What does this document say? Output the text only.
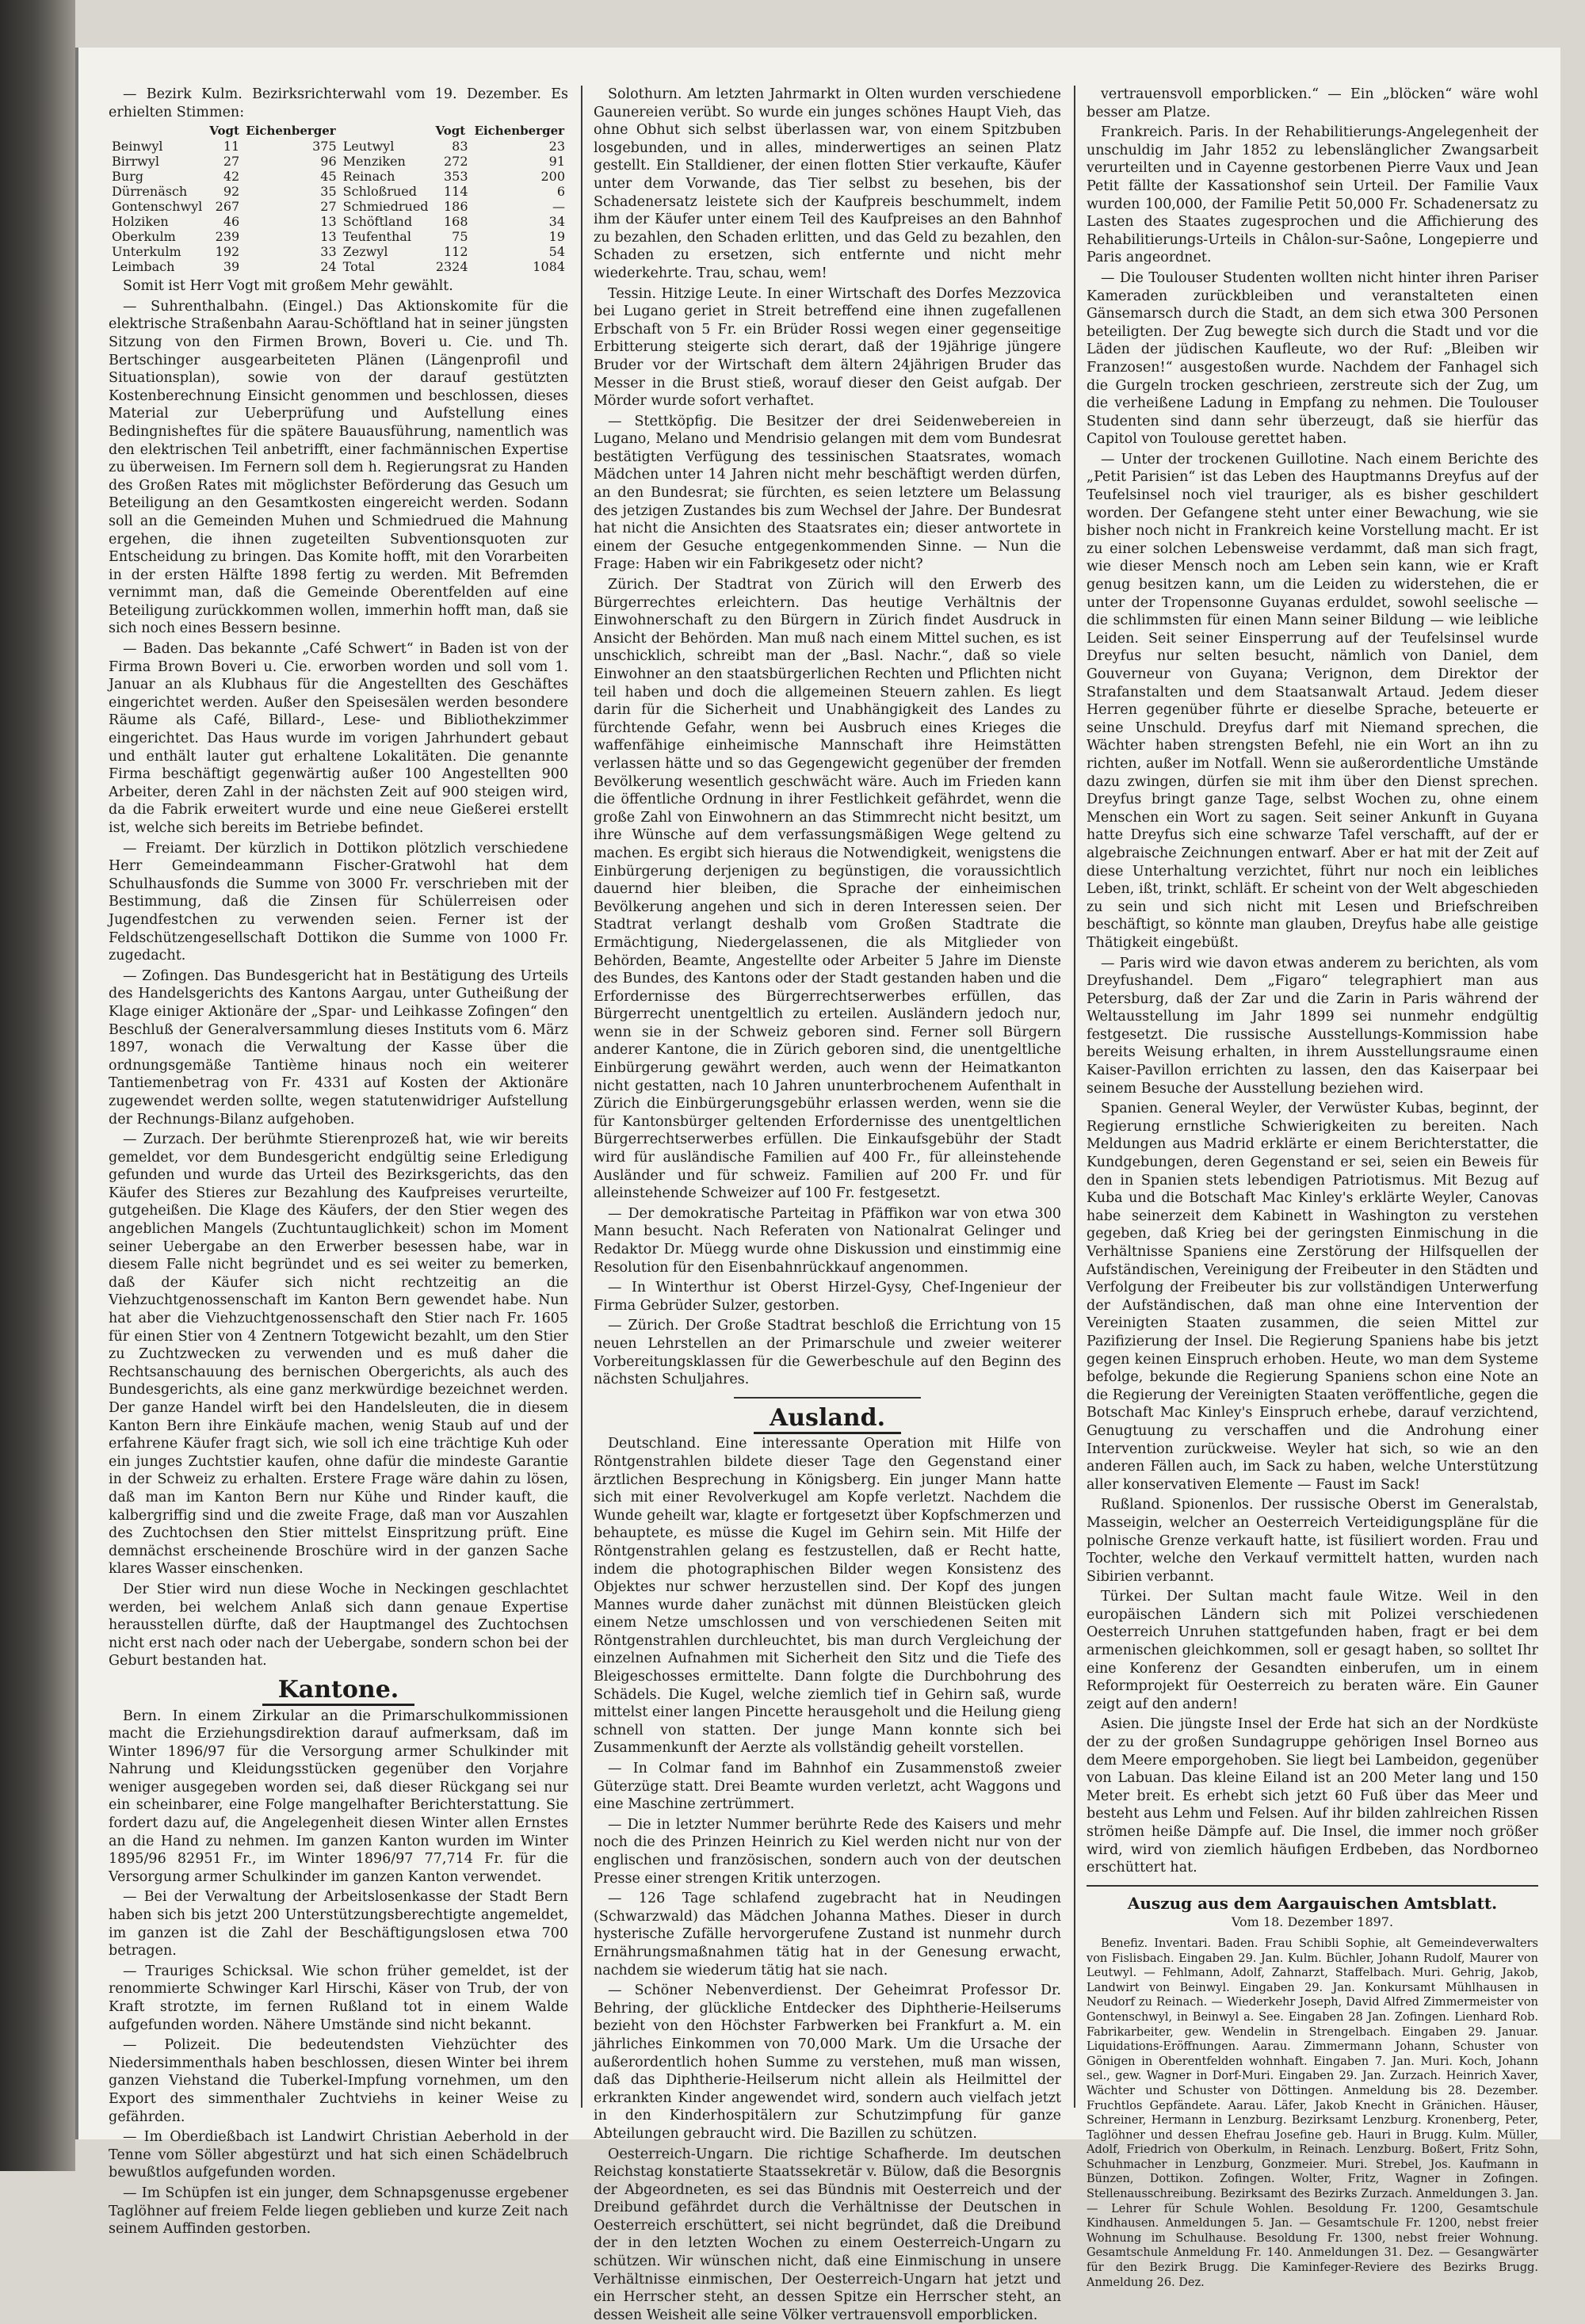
— Bezirk Kulm. Bezirksrichterwahl vom 19. Dezember. Es erhielten Stimmen:

	Vogt	Eichenberger		Vogt	Eichenberger
Beinwyl	11	375	Leutwyl	83	23
Birrwyl	27	96	Menziken	272	91
Burg	42	45	Reinach	353	200
Dürrenäsch	92	35	Schloßrued	114	6
Gontenschwyl	267	27	Schmiedrued	186	—
Holziken	46	13	Schöftland	168	34
Oberkulm	239	13	Teufenthal	75	19
Unterkulm	192	33	Zezwyl	112	54
Leimbach	39	24	Total	2324	1084

Somit ist Herr Vogt mit großem Mehr gewählt.

— Suhrenthalbahn. (Eingel.) Das Aktionskomite für die elektrische Straßenbahn Aarau-Schöftland hat in seiner jüngsten Sitzung von den Firmen Brown, Boveri u. Cie. und Th. Bertschinger ausgearbeiteten Plänen (Längenprofil und Situationsplan), sowie von der darauf gestützten Kostenberechnung Einsicht genommen und beschlossen, dieses Material zur Ueberprüfung und Aufstellung eines Bedingnisheftes für die spätere Bauausführung, namentlich was den elektrischen Teil anbetrifft, einer fachmännischen Expertise zu überweisen. Im Fernern soll dem h. Regierungsrat zu Handen des Großen Rates mit möglichster Beförderung das Gesuch um Beteiligung an den Gesamtkosten eingereicht werden. Sodann soll an die Gemeinden Muhen und Schmiedrued die Mahnung ergehen, die ihnen zugeteilten Subventionsquoten zur Entscheidung zu bringen. Das Komite hofft, mit den Vorarbeiten in der ersten Hälfte 1898 fertig zu werden. Mit Befremden vernimmt man, daß die Gemeinde Oberentfelden auf eine Beteiligung zurückkommen wollen, immerhin hofft man, daß sie sich noch eines Bessern besinne.

— Baden. Das bekannte „Café Schwert“ in Baden ist von der Firma Brown Boveri u. Cie. erworben worden und soll vom 1. Januar an als Klubhaus für die Angestellten des Geschäftes eingerichtet werden. Außer den Speisesälen werden besondere Räume als Café, Billard-, Lese- und Bibliothekzimmer eingerichtet. Das Haus wurde im vorigen Jahrhundert gebaut und enthält lauter gut erhaltene Lokalitäten. Die genannte Firma beschäftigt gegenwärtig außer 100 Angestellten 900 Arbeiter, deren Zahl in der nächsten Zeit auf 900 steigen wird, da die Fabrik erweitert wurde und eine neue Gießerei erstellt ist, welche sich bereits im Betriebe befindet.

— Freiamt. Der kürzlich in Dottikon plötzlich verschiedene Herr Gemeindeammann Fischer-Gratwohl hat dem Schulhausfonds die Summe von 3000 Fr. verschrieben mit der Bestimmung, daß die Zinsen für Schülerreisen oder Jugendfestchen zu verwenden seien. Ferner ist der Feldschützengesellschaft Dottikon die Summe von 1000 Fr. zugedacht.

— Zofingen. Das Bundesgericht hat in Bestätigung des Urteils des Handelsgerichts des Kantons Aargau, unter Gutheißung der Klage einiger Aktionäre der „Spar- und Leihkasse Zofingen“ den Beschluß der Generalversammlung dieses Instituts vom 6. März 1897, wonach die Verwaltung der Kasse über die ordnungsgemäße Tantième hinaus noch ein weiterer Tantiemenbetrag von Fr. 4331 auf Kosten der Aktionäre zugewendet werden sollte, wegen statutenwidriger Aufstellung der Rechnungs-Bilanz aufgehoben.

— Zurzach. Der berühmte Stierenprozeß hat, wie wir bereits gemeldet, vor dem Bundesgericht endgültig seine Erledigung gefunden und wurde das Urteil des Bezirksgerichts, das den Käufer des Stieres zur Bezahlung des Kaufpreises verurteilte, gutgeheißen. Die Klage des Käufers, der den Stier wegen des angeblichen Mangels (Zuchtuntauglichkeit) schon im Moment seiner Uebergabe an den Erwerber besessen habe, war in diesem Falle nicht begründet und es sei weiter zu bemerken, daß der Käufer sich nicht rechtzeitig an die Viehzuchtgenossenschaft im Kanton Bern gewendet habe. Nun hat aber die Viehzuchtgenossenschaft den Stier nach Fr. 1605 für einen Stier von 4 Zentnern Totgewicht bezahlt, um den Stier zu Zuchtzwecken zu verwenden und es muß daher die Rechtsanschauung des bernischen Obergerichts, als auch des Bundesgerichts, als eine ganz merkwürdige bezeichnet werden. Der ganze Handel wirft bei den Handelsleuten, die in diesem Kanton Bern ihre Einkäufe machen, wenig Staub auf und der erfahrene Käufer fragt sich, wie soll ich eine trächtige Kuh oder ein junges Zuchtstier kaufen, ohne dafür die mindeste Garantie in der Schweiz zu erhalten. Erstere Frage wäre dahin zu lösen, daß man im Kanton Bern nur Kühe und Rinder kauft, die kalbergriffig sind und die zweite Frage, daß man vor Auszahlen des Zuchtochsen den Stier mittelst Einspritzung prüft. Eine demnächst erscheinende Broschüre wird in der ganzen Sache klares Wasser einschenken.

Der Stier wird nun diese Woche in Neckingen geschlachtet werden, bei welchem Anlaß sich dann genaue Expertise herausstellen dürfte, daß der Hauptmangel des Zuchtochsen nicht erst nach oder nach der Uebergabe, sondern schon bei der Geburt bestanden hat.

Kantone.

Bern. In einem Zirkular an die Primarschulkommissionen macht die Erziehungsdirektion darauf aufmerksam, daß im Winter 1896/97 für die Versorgung armer Schulkinder mit Nahrung und Kleidungsstücken gegenüber den Vorjahre weniger ausgegeben worden sei, daß dieser Rückgang sei nur ein scheinbarer, eine Folge mangelhafter Berichterstattung. Sie fordert dazu auf, die Angelegenheit diesen Winter allen Ernstes an die Hand zu nehmen. Im ganzen Kanton wurden im Winter 1895/96 82951 Fr., im Winter 1896/97 77,714 Fr. für die Versorgung armer Schulkinder im ganzen Kanton verwendet.

— Bei der Verwaltung der Arbeitslosenkasse der Stadt Bern haben sich bis jetzt 200 Unterstützungsberechtigte angemeldet, im ganzen ist die Zahl der Beschäftigungslosen etwa 700 betragen.

— Trauriges Schicksal. Wie schon früher gemeldet, ist der renommierte Schwinger Karl Hirschi, Käser von Trub, der von Kraft strotzte, im fernen Rußland tot in einem Walde aufgefunden worden. Nähere Umstände sind nicht bekannt.

— Polizeit. Die bedeutendsten Viehzüchter des Niedersimmenthals haben beschlossen, diesen Winter bei ihrem ganzen Viehstand die Tuberkel-Impfung vornehmen, um den Export des simmenthaler Zuchtviehs in keiner Weise zu gefährden.

— Im Oberdießbach ist Landwirt Christian Aeberhold in der Tenne vom Söller abgestürzt und hat sich einen Schädelbruch bewußtlos aufgefunden worden.

— Im Schüpfen ist ein junger, dem Schnapsgenusse ergebener Taglöhner auf freiem Felde liegen geblieben und kurze Zeit nach seinem Auffinden gestorben.

Solothurn. Am letzten Jahrmarkt in Olten wurden verschiedene Gaunereien verübt. So wurde ein junges schönes Haupt Vieh, das ohne Obhut sich selbst überlassen war, von einem Spitzbuben losgebunden, und in alles, minderwertiges an seinen Platz gestellt. Ein Stalldiener, der einen flotten Stier verkaufte, Käufer unter dem Vorwande, das Tier selbst zu besehen, bis der Schadenersatz leistete sich der Kaufpreis beschummelt, indem ihm der Käufer unter einem Teil des Kaufpreises an den Bahnhof zu bezahlen, den Schaden erlitten, und das Geld zu bezahlen, den Schaden zu ersetzen, sich entfernte und nicht mehr wiederkehrte. Trau, schau, wem!

Tessin. Hitzige Leute. In einer Wirtschaft des Dorfes Mezzovica bei Lugano geriet in Streit betreffend eine ihnen zugefallenen Erbschaft von 5 Fr. ein Brüder Rossi wegen einer gegenseitige Erbitterung steigerte sich derart, daß der 19jährige jüngere Bruder vor der Wirtschaft dem ältern 24jährigen Bruder das Messer in die Brust stieß, worauf dieser den Geist aufgab. Der Mörder wurde sofort verhaftet.

— Stettköpfig. Die Besitzer der drei Seidenwebereien in Lugano, Melano und Mendrisio gelangen mit dem vom Bundesrat bestätigten Verfügung des tessinischen Staatsrates, womach Mädchen unter 14 Jahren nicht mehr beschäftigt werden dürfen, an den Bundesrat; sie fürchten, es seien letztere um Belassung des jetzigen Zustandes bis zum Wechsel der Jahre. Der Bundesrat hat nicht die Ansichten des Staatsrates ein; dieser antwortete in einem der Gesuche entgegenkommenden Sinne. — Nun die Frage: Haben wir ein Fabrikgesetz oder nicht?

Zürich. Der Stadtrat von Zürich will den Erwerb des Bürgerrechtes erleichtern. Das heutige Verhältnis der Einwohnerschaft zu den Bürgern in Zürich findet Ausdruck in Ansicht der Behörden. Man muß nach einem Mittel suchen, es ist unschicklich, schreibt man der „Basl. Nachr.“, daß so viele Einwohner an den staatsbürgerlichen Rechten und Pflichten nicht teil haben und doch die allgemeinen Steuern zahlen. Es liegt darin für die Sicherheit und Unabhängigkeit des Landes zu fürchtende Gefahr, wenn bei Ausbruch eines Krieges die waffenfähige einheimische Mannschaft ihre Heimstätten verlassen hätte und so das Gegengewicht gegenüber der fremden Bevölkerung wesentlich geschwächt wäre. Auch im Frieden kann die öffentliche Ordnung in ihrer Festlichkeit gefährdet, wenn die große Zahl von Einwohnern an das Stimmrecht nicht besitzt, um ihre Wünsche auf dem verfassungsmäßigen Wege geltend zu machen. Es ergibt sich hieraus die Notwendigkeit, wenigstens die Einbürgerung derjenigen zu begünstigen, die voraussichtlich dauernd hier bleiben, die Sprache der einheimischen Bevölkerung angehen und sich in deren Interessen seien. Der Stadtrat verlangt deshalb vom Großen Stadtrate die Ermächtigung, Niedergelassenen, die als Mitglieder von Behörden, Beamte, Angestellte oder Arbeiter 5 Jahre im Dienste des Bundes, des Kantons oder der Stadt gestanden haben und die Erfordernisse des Bürgerrechtserwerbes erfüllen, das Bürgerrecht unentgeltlich zu erteilen. Ausländern jedoch nur, wenn sie in der Schweiz geboren sind. Ferner soll Bürgern anderer Kantone, die in Zürich geboren sind, die unentgeltliche Einbürgerung gewährt werden, auch wenn der Heimatkanton nicht gestatten, nach 10 Jahren ununterbrochenem Aufenthalt in Zürich die Einbürgerungsgebühr erlassen werden, wenn sie die für Kantonsbürger geltenden Erfordernisse des unentgeltlichen Bürgerrechtserwerbes erfüllen. Die Einkaufsgebühr der Stadt wird für ausländische Familien auf 400 Fr., für alleinstehende Ausländer und für schweiz. Familien auf 200 Fr. und für alleinstehende Schweizer auf 100 Fr. festgesetzt.

— Der demokratische Parteitag in Pfäffikon war von etwa 300 Mann besucht. Nach Referaten von Nationalrat Gelinger und Redaktor Dr. Müegg wurde ohne Diskussion und einstimmig eine Resolution für den Eisenbahnrückkauf angenommen.

— In Winterthur ist Oberst Hirzel-Gysy, Chef-Ingenieur der Firma Gebrüder Sulzer, gestorben.

— Zürich. Der Große Stadtrat beschloß die Errichtung von 15 neuen Lehrstellen an der Primarschule und zweier weiterer Vorbereitungsklassen für die Gewerbeschule auf den Beginn des nächsten Schuljahres.

Ausland.

Deutschland. Eine interessante Operation mit Hilfe von Röntgenstrahlen bildete dieser Tage den Gegenstand einer ärztlichen Besprechung in Königsberg. Ein junger Mann hatte sich mit einer Revolverkugel am Kopfe verletzt. Nachdem die Wunde geheilt war, klagte er fortgesetzt über Kopfschmerzen und behauptete, es müsse die Kugel im Gehirn sein. Mit Hilfe der Röntgenstrahlen gelang es festzustellen, daß er Recht hatte, indem die photographischen Bilder wegen Konsistenz des Objektes nur schwer herzustellen sind. Der Kopf des jungen Mannes wurde daher zunächst mit dünnen Bleistücken gleich einem Netze umschlossen und von verschiedenen Seiten mit Röntgenstrahlen durchleuchtet, bis man durch Vergleichung der einzelnen Aufnahmen mit Sicherheit den Sitz und die Tiefe des Bleigeschosses ermittelte. Dann folgte die Durchbohrung des Schädels. Die Kugel, welche ziemlich tief in Gehirn saß, wurde mittelst einer langen Pincette herausgeholt und die Heilung gieng schnell von statten. Der junge Mann konnte sich bei Zusammenkunft der Aerzte als vollständig geheilt vorstellen.

— In Colmar fand im Bahnhof ein Zusammenstoß zweier Güterzüge statt. Drei Beamte wurden verletzt, acht Waggons und eine Maschine zertrümmert.

— Die in letzter Nummer berührte Rede des Kaisers und mehr noch die des Prinzen Heinrich zu Kiel werden nicht nur von der englischen und französischen, sondern auch von der deutschen Presse einer strengen Kritik unterzogen.

— 126 Tage schlafend zugebracht hat in Neudingen (Schwarzwald) das Mädchen Johanna Mathes. Dieser in durch hysterische Zufälle hervorgerufene Zustand ist nunmehr durch Ernährungsmaßnahmen tätig hat in der Genesung erwacht, nachdem sie wiederum tätig hat sie nach.

— Schöner Nebenverdienst. Der Geheimrat Professor Dr. Behring, der glückliche Entdecker des Diphtherie-Heilserums bezieht von den Höchster Farbwerken bei Frankfurt a. M. ein jährliches Einkommen von 70,000 Mark. Um die Ursache der außerordentlich hohen Summe zu verstehen, muß man wissen, daß das Diphtherie-Heilserum nicht allein als Heilmittel der erkrankten Kinder angewendet wird, sondern auch vielfach jetzt in den Kinderhospitälern zur Schutzimpfung für ganze Abteilungen gebraucht wird. Die Bazillen zu schützen.

Oesterreich-Ungarn. Die richtige Schafherde. Im deutschen Reichstag konstatierte Staatssekretär v. Bülow, daß die Besorgnis der Abgeordneten, es sei das Bündnis mit Oesterreich und der Dreibund gefährdet durch die Verhältnisse der Deutschen in Oesterreich erschüttert, sei nicht begründet, daß die Dreibund der in den letzten Wochen zu einem Oesterreich-Ungarn zu schützen. Wir wünschen nicht, daß eine Einmischung in unsere Verhältnisse einmischen, Der Oesterreich-Ungarn hat jetzt und ein Herrscher steht, an dessen Spitze ein Herrscher steht, an dessen Weisheit alle seine Völker vertrauensvoll emporblicken.

vertrauensvoll emporblicken.“ — Ein „blöcken“ wäre wohl besser am Platze.

Frankreich. Paris. In der Rehabilitierungs-Angelegenheit der unschuldig im Jahr 1852 zu lebenslänglicher Zwangsarbeit verurteilten und in Cayenne gestorbenen Pierre Vaux und Jean Petit fällte der Kassationshof sein Urteil. Der Familie Vaux wurden 100,000, der Familie Petit 50,000 Fr. Schadenersatz zu Lasten des Staates zugesprochen und die Affichierung des Rehabilitierungs-Urteils in Châlon-sur-Saône, Longepierre und Paris angeordnet.

— Die Toulouser Studenten wollten nicht hinter ihren Pariser Kameraden zurückbleiben und veranstalteten einen Gänsemarsch durch die Stadt, an dem sich etwa 300 Personen beteiligten. Der Zug bewegte sich durch die Stadt und vor die Läden der jüdischen Kaufleute, wo der Ruf: „Bleiben wir Franzosen!“ ausgestoßen wurde. Nachdem der Fanhagel sich die Gurgeln trocken geschrieen, zerstreute sich der Zug, um die verheißene Ladung in Empfang zu nehmen. Die Toulouser Studenten sind dann sehr überzeugt, daß sie hierfür das Capitol von Toulouse gerettet haben.

— Unter der trockenen Guillotine. Nach einem Berichte des „Petit Parisien“ ist das Leben des Hauptmanns Dreyfus auf der Teufelsinsel noch viel trauriger, als es bisher geschildert worden. Der Gefangene steht unter einer Bewachung, wie sie bisher noch nicht in Frankreich keine Vorstellung macht. Er ist zu einer solchen Lebensweise verdammt, daß man sich fragt, wie dieser Mensch noch am Leben sein kann, wie er Kraft genug besitzen kann, um die Leiden zu widerstehen, die er unter der Tropensonne Guyanas erduldet, sowohl seelische — die schlimmsten für einen Mann seiner Bildung — wie leibliche Leiden. Seit seiner Einsperrung auf der Teufelsinsel wurde Dreyfus nur selten besucht, nämlich von Daniel, dem Gouverneur von Guyana; Verignon, dem Direktor der Strafanstalten und dem Staatsanwalt Artaud. Jedem dieser Herren gegenüber führte er dieselbe Sprache, beteuerte er seine Unschuld. Dreyfus darf mit Niemand sprechen, die Wächter haben strengsten Befehl, nie ein Wort an ihn zu richten, außer im Notfall. Wenn sie außerordentliche Umstände dazu zwingen, dürfen sie mit ihm über den Dienst sprechen. Dreyfus bringt ganze Tage, selbst Wochen zu, ohne einem Menschen ein Wort zu sagen. Seit seiner Ankunft in Guyana hatte Dreyfus sich eine schwarze Tafel verschafft, auf der er algebraische Zeichnungen entwarf. Aber er hat mit der Zeit auf diese Unterhaltung verzichtet, führt nur noch ein leibliches Leben, ißt, trinkt, schläft. Er scheint von der Welt abgeschieden zu sein und sich nicht mit Lesen und Briefschreiben beschäftigt, so könnte man glauben, Dreyfus habe alle geistige Thätigkeit eingebüßt.

— Paris wird wie davon etwas anderem zu berichten, als vom Dreyfushandel. Dem „Figaro“ telegraphiert man aus Petersburg, daß der Zar und die Zarin in Paris während der Weltausstellung im Jahr 1899 sei nunmehr endgültig festgesetzt. Die russische Ausstellungs-Kommission habe bereits Weisung erhalten, in ihrem Ausstellungsraume einen Kaiser-Pavillon errichten zu lassen, den das Kaiserpaar bei seinem Besuche der Ausstellung beziehen wird.

Spanien. General Weyler, der Verwüster Kubas, beginnt, der Regierung ernstliche Schwierigkeiten zu bereiten. Nach Meldungen aus Madrid erklärte er einem Berichterstatter, die Kundgebungen, deren Gegenstand er sei, seien ein Beweis für den in Spanien stets lebendigen Patriotismus. Mit Bezug auf Kuba und die Botschaft Mac Kinley's erklärte Weyler, Canovas habe seinerzeit dem Kabinett in Washington zu verstehen gegeben, daß Krieg bei der geringsten Einmischung in die Verhältnisse Spaniens eine Zerstörung der Hilfsquellen der Aufständischen, Vereinigung der Freibeuter in den Städten und Verfolgung der Freibeuter bis zur vollständigen Unterwerfung der Aufständischen, daß man ohne eine Intervention der Vereinigten Staaten zusammen, die seien Mittel zur Pazifizierung der Insel. Die Regierung Spaniens habe bis jetzt gegen keinen Einspruch erhoben. Heute, wo man dem Systeme befolge, bekunde die Regierung Spaniens schon eine Note an die Regierung der Vereinigten Staaten veröffentliche, gegen die Botschaft Mac Kinley's Einspruch erhebe, darauf verzichtend, Genugtuung zu verschaffen und die Androhung einer Intervention zurückweise. Weyler hat sich, so wie an den anderen Fällen auch, im Sack zu haben, welche Unterstützung aller konservativen Elemente — Faust im Sack!

Rußland. Spionenlos. Der russische Oberst im Generalstab, Masseigin, welcher an Oesterreich Verteidigungspläne für die polnische Grenze verkauft hatte, ist füsiliert worden. Frau und Tochter, welche den Verkauf vermittelt hatten, wurden nach Sibirien verbannt.

Türkei. Der Sultan macht faule Witze. Weil in den europäischen Ländern sich mit Polizei verschiedenen Oesterreich Unruhen stattgefunden haben, fragt er bei dem armenischen gleichkommen, soll er gesagt haben, so solltet Ihr eine Konferenz der Gesandten einberufen, um in einem Reformprojekt für Oesterreich zu beraten wäre. Ein Gauner zeigt auf den andern!

Asien. Die jüngste Insel der Erde hat sich an der Nordküste der zu der großen Sundagruppe gehörigen Insel Borneo aus dem Meere emporgehoben. Sie liegt bei Lambeidon, gegenüber von Labuan. Das kleine Eiland ist an 200 Meter lang und 150 Meter breit. Es erhebt sich jetzt 60 Fuß über das Meer und besteht aus Lehm und Felsen. Auf ihr bilden zahlreichen Rissen strömen heiße Dämpfe auf. Die Insel, die immer noch größer wird, wird von ziemlich häufigen Erdbeben, das Nordborneo erschüttert hat.

Auszug aus dem Aargauischen Amtsblatt.
Vom 18. Dezember 1897.

Benefiz. Inventari. Baden. Frau Schibli Sophie, alt Gemeindeverwalters von Fislisbach. Eingaben 29. Jan. Kulm. Büchler, Johann Rudolf, Maurer von Leutwyl. — Fehlmann, Adolf, Zahnarzt, Staffelbach. Muri. Gehrig, Jakob, Landwirt von Beinwyl. Eingaben 29. Jan. Konkursamt Mühlhausen in Neudorf zu Reinach. — Wiederkehr Joseph, David Alfred Zimmermeister von Gontenschwyl, in Beinwyl a. See. Eingaben 28 Jan. Zofingen. Lienhard Rob. Fabrikarbeiter, gew. Wendelin in Strengelbach. Eingaben 29. Januar. Liquidations-Eröffnungen. Aarau. Zimmermann Johann, Schuster von Gönigen in Oberentfelden wohnhaft. Eingaben 7. Jan. Muri. Koch, Johann sel., gew. Wagner in Dorf-Muri. Eingaben 29. Jan. Zurzach. Heinrich Xaver, Wächter und Schuster von Döttingen. Anmeldung bis 28. Dezember. Fruchtlos Gepfändete. Aarau. Läfer, Jakob Knecht in Gränichen. Häuser, Schreiner, Hermann in Lenzburg. Bezirksamt Lenzburg. Kronenberg, Peter, Taglöhner und dessen Ehefrau Josefine geb. Hauri in Brugg. Kulm. Müller, Adolf, Friedrich von Oberkulm, in Reinach. Lenzburg. Boßert, Fritz Sohn, Schuhmacher in Lenzburg, Gonzmeier. Muri. Strebel, Jos. Kaufmann in Bünzen, Dottikon. Zofingen. Wolter, Fritz, Wagner in Zofingen. Stellenausschreibung. Bezirksamt des Bezirks Zurzach. Anmeldungen 3. Jan. — Lehrer für Schule Wohlen. Besoldung Fr. 1200, Gesamtschule Kindhausen. Anmeldungen 5. Jan. — Gesamtschule Fr. 1200, nebst freier Wohnung im Schulhause. Besoldung Fr. 1300, nebst freier Wohnung. Gesamtschule Anmeldung Fr. 140. Anmeldungen 31. Dez. — Gesangwärter für den Bezirk Brugg. Die Kaminfeger-Reviere des Bezirks Brugg. Anmeldung 26. Dez.
